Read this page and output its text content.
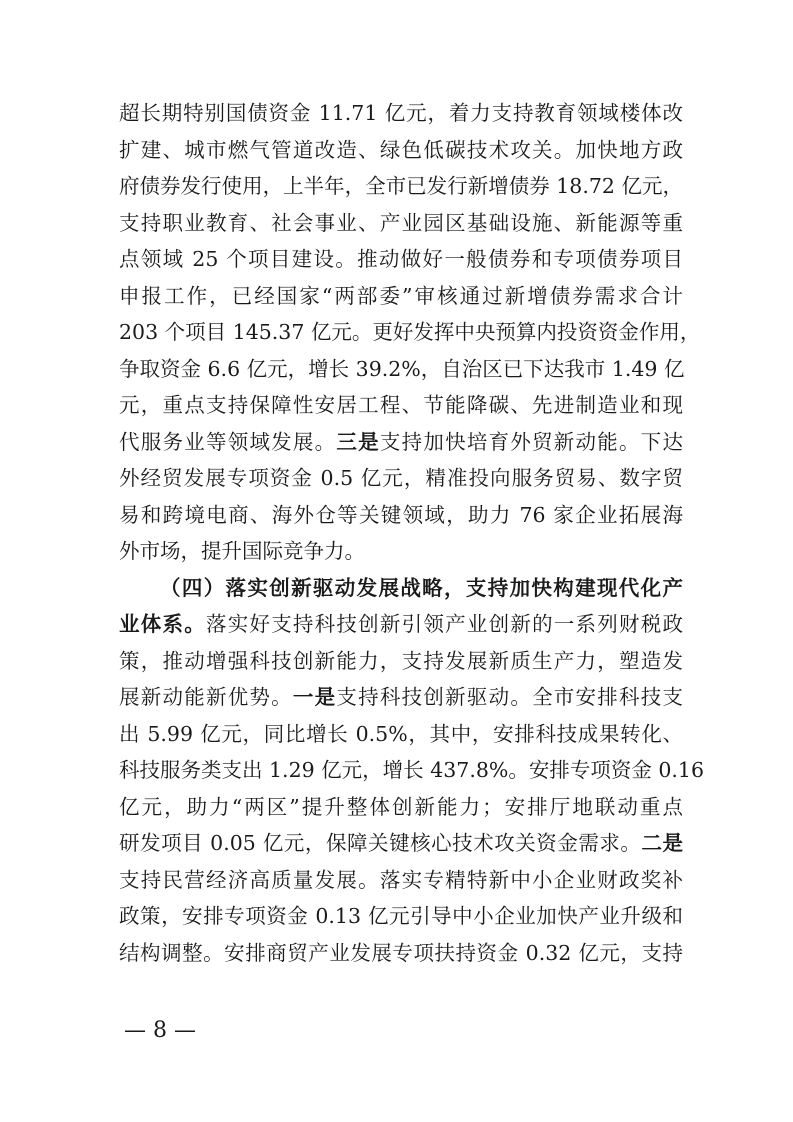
超长期特别国债资金 11.71 亿元，着力支持教育领域楼体改
扩建、城市燃气管道改造、绿色低碳技术攻关。加快地方政
府债券发行使用，上半年，全市已发行新增债券 18.72 亿元，
支持职业教育、社会事业、产业园区基础设施、新能源等重
点领域 25 个项目建设。推动做好一般债券和专项债券项目
申报工作，已经国家“两部委”审核通过新增债券需求合计
203 个项目 145.37 亿元。更好发挥中央预算内投资资金作用，
争取资金 6.6 亿元，增长 39.2%，自治区已下达我市 1.49 亿
元，重点支持保障性安居工程、节能降碳、先进制造业和现
代服务业等领域发展。三是支持加快培育外贸新动能。下达
外经贸发展专项资金 0.5 亿元，精准投向服务贸易、数字贸
易和跨境电商、海外仓等关键领域，助力 76 家企业拓展海
外市场，提升国际竞争力。
（四）落实创新驱动发展战略，支持加快构建现代化产
业体系。落实好支持科技创新引领产业创新的一系列财税政
策，推动增强科技创新能力，支持发展新质生产力，塑造发
展新动能新优势。一是支持科技创新驱动。全市安排科技支
出 5.99 亿元，同比增长 0.5%，其中，安排科技成果转化、
科技服务类支出 1.29 亿元，增长 437.8%。安排专项资金 0.16
亿元，助力“两区”提升整体创新能力；安排厅地联动重点
研发项目 0.05 亿元，保障关键核心技术攻关资金需求。二是
支持民营经济高质量发展。落实专精特新中小企业财政奖补
政策，安排专项资金 0.13 亿元引导中小企业加快产业升级和
结构调整。安排商贸产业发展专项扶持资金 0.32 亿元，支持
— 8 —
